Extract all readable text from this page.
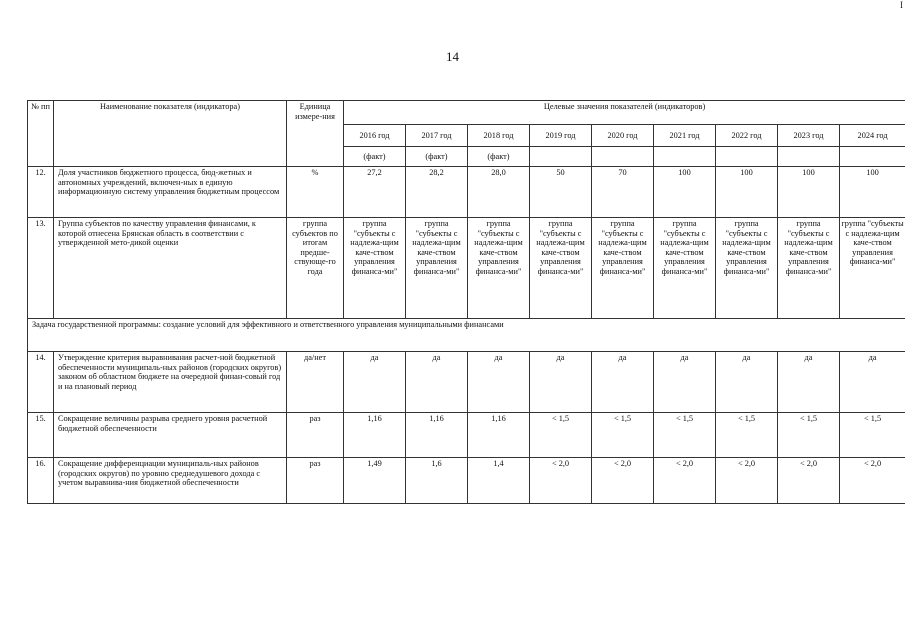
I
14
№ пп	Наименование показателя (индикатора)	Единица измере-ния	Целевые значения показателей (индикаторов)								
			2016 год	2017 год	2018 год	2019 год	2020 год	2021 год	2022 год	2023 год	2024 год
			(факт)	(факт)	(факт)						
12.	Доля участников бюджетного процесса, бюд-жетных и автономных учреждений, включен-ных в единую информационную систему управления бюджетным процессом	%	27,2	28,2	28,0	50	70	100	100	100	100
13.	Группа субъектов по качеству управления финансами, к которой отнесена Брянская область в соответствии с утвержденной мето-дикой оценки	группа субъектов по итогам предше-ствующе-го года	группа "субъекты с надлежа-щим каче-ством управления финанса-ми"	группа "субъекты с надлежа-щим каче-ством управления финанса-ми"	группа "субъекты с надлежа-щим каче-ством управления финанса-ми"	группа "субъекты с надлежа-щим каче-ством управления финанса-ми"	группа "субъекты с надлежа-щим каче-ством управления финанса-ми"	группа "субъекты с надлежа-щим каче-ством управления финанса-ми"	группа "субъекты с надлежа-щим каче-ством управления финанса-ми"	группа "субъекты с надлежа-щим каче-ством управления финанса-ми"	группа "субъекты с надлежа-щим каче-ством управления финанса-ми"
Задача государственной программы: создание условий для эффективного и ответственного управления муниципальными финансами											
14.	Утверждение критерия выравнивания расчет-ной бюджетной обеспеченности муниципаль-ных районов (городских округов) законом об областном бюджете на очередной финан-совый год и на плановый период	да/нет	да	да	да	да	да	да	да	да	да
15.	Сокращение величины разрыва среднего уровня расчетной бюджетной обеспеченности	раз	1,16	1,16	1,16	< 1,5	< 1,5	< 1,5	< 1,5	< 1,5	< 1,5
16.	Сокращение дифференциации муниципаль-ных районов (городских округов) по уровню среднедушевого дохода с учетом выравнива-ния бюджетной обеспеченности	раз	1,49	1,6	1,4	< 2,0	< 2,0	< 2,0	< 2,0	< 2,0	< 2,0
